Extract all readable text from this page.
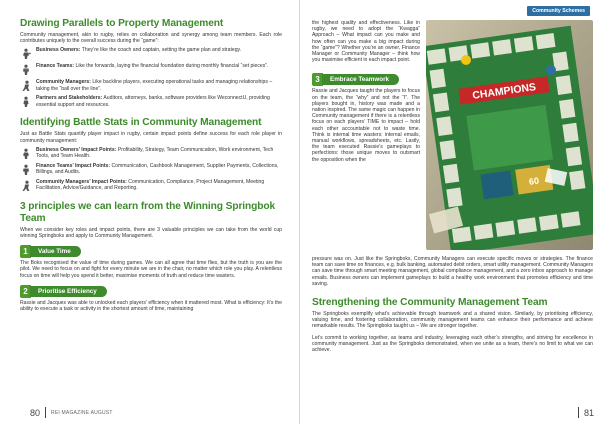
Drawing Parallels to Property Management
Community management, akin to rugby, relies on collaboration and synergy among team members. Each role contributes uniquely to the overall success during the “game”:
Business Owners: They’re like the coach and captain, setting the game plan and strategy.
Finance Teams: Like the forwards, laying the financial foundation during monthly financial “set pieces”.
Community Managers: Like backline players, executing operational tasks and managing relationships – taking the “ball over the line”.
Partners and Stakeholders: Auditors, attorneys, banks, software providers like WeconnectU, providing essential support and resources.
Identifying Battle Stats in Community Management
Just as Battle Stats quantify player impact in rugby, certain impact points define success for each role player in community management:
Business Owners’ Impact Points: Profitability, Strategy, Team Communication, Work environment, Tech Tools, and Team Health.
Finance Teams’ Impact Points: Communication, Cashbook Management, Supplier Payments, Collections, Billings, and Audits.
Community Managers’ Impact Points: Communication, Compliance, Project Management, Meeting Facilitation, Advice/Guidance, and Reporting.
3 principles we can learn from the Winning Springbok Team
When we consider key roles and impact points, there are 3 valuable principles we can take from the world cup winning Springboks and apply to Community Management.
1	Value Time
The Boks recognised the value of time during games. We can all agree that time flies, but the truth is you are the pilot. We need to focus on and fight for every minute we are in the chair, no matter which role you play. A relentless focus on time will help you spend it better, maximise moments of truth and reduce time wasters.
2	Prioritise Efficiency
Rassie and Jacques was able to unlocked each players’ efficiency when it mattered most. What is efficiency: It’s the ability to execute a task or activity in the shortest amount of time, maintaining
80 REI MAGAZINE AUGUST
Community Schemes
the highest quality and effectiveness. Like in rugby, we need to adopt the “Kwagga” Approach – What impact can you make and how often can you make a big impact during the “game”? Whether you’re an owner, Finance Manager or Community Manager – think how you maximise efficient in each impact point.
3	Embrace Teamwork
Rassie and Jacques taught the players to focus on the team, the “why” and not the “I”. The players bought in, history was made and a nation inspired. The same magic can happen in Community management if there is a relentless focus on each players’ TIME to impact – hold each other accountable not to waste time. Think is internal time wasters: internal emails, manual workflows, spreadsheets, etc. Lastly, the team executed Rassie’s gameplays to perfections: those unique moves to outsmart the opposition when the
CHAMPIONS
60
pressure was on. Just like the Springboks, Community Managers can execute specific moves or strategies. The finance team can save time on finances, e.g. bulk banking, automated debit orders, smart utility management. Community Managers can save time through smart meeting management, global compliance management, and a zero inbox approach to manage emails. Business owners can implement gameplays to build a healthy work environment that promotes efficiency and time saving.
Strengthening the Community Management Team
The Springboks exemplify what’s achievable through teamwork and a shared vision. Similarly, by prioritising efficiency, valuing time, and fostering collaboration, community management teams can enhance their performance and achieve remarkable results. The Springboks taught us – We are stronger together.
Let’s commit to working together, as teams and industry, leveraging each other’s strengths, and striving for excellence in community management. Just as the Springboks demonstrated, when we unite as a team, there’s no limit to what we can achieve.
81
